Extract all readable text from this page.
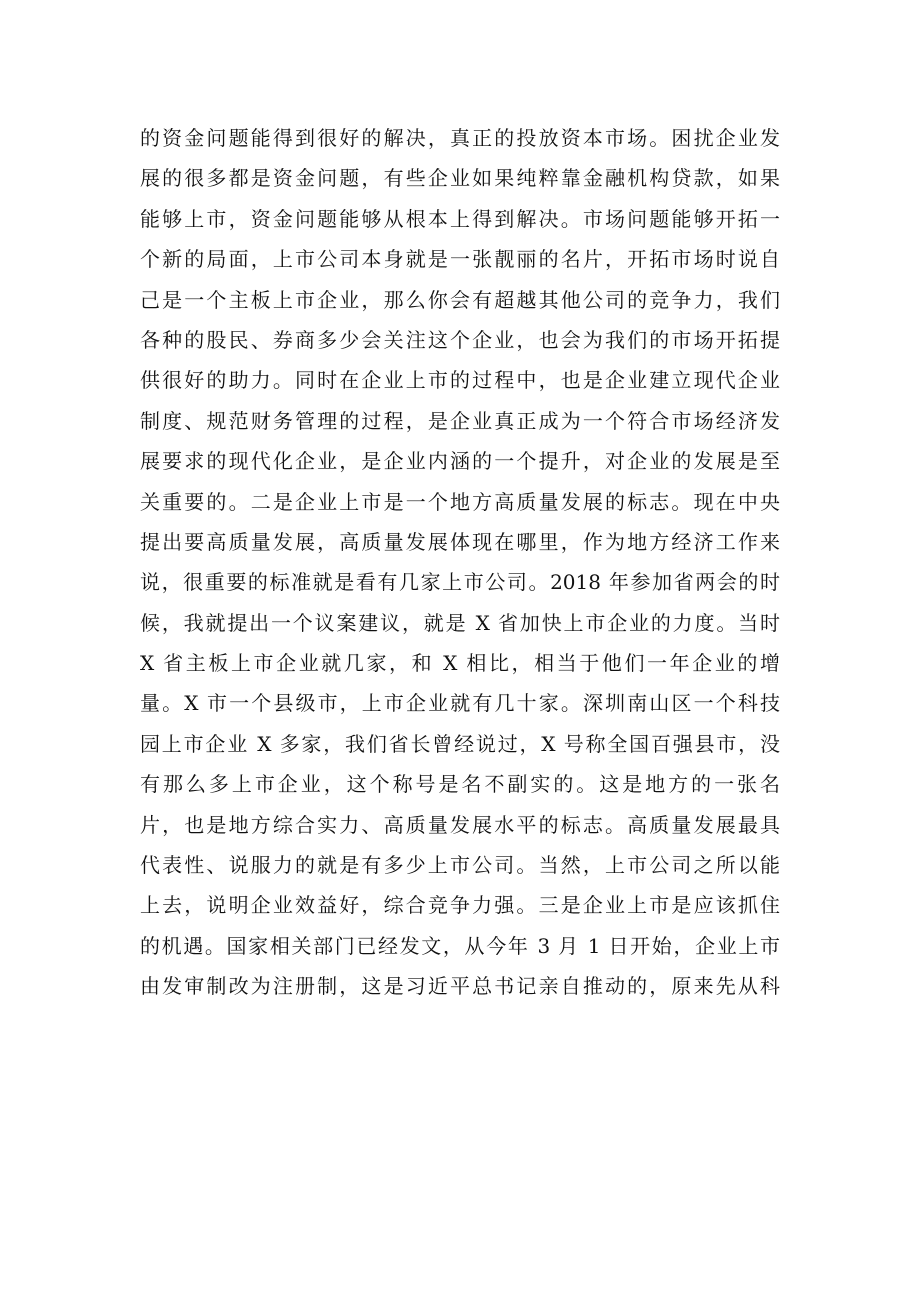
的资金问题能得到很好的解决，真正的投放资本市场。困扰企业发
展的很多都是资金问题，有些企业如果纯粹靠金融机构贷款，如果
能够上市，资金问题能够从根本上得到解决。市场问题能够开拓一
个新的局面，上市公司本身就是一张靓丽的名片，开拓市场时说自
己是一个主板上市企业，那么你会有超越其他公司的竞争力，我们
各种的股民、券商多少会关注这个企业，也会为我们的市场开拓提
供很好的助力。同时在企业上市的过程中，也是企业建立现代企业
制度、规范财务管理的过程，是企业真正成为一个符合市场经济发
展要求的现代化企业，是企业内涵的一个提升，对企业的发展是至
关重要的。二是企业上市是一个地方高质量发展的标志。现在中央
提出要高质量发展，高质量发展体现在哪里，作为地方经济工作来
说，很重要的标准就是看有几家上市公司。2018 年参加省两会的时
候，我就提出一个议案建议，就是 X 省加快上市企业的力度。当时
X 省主板上市企业就几家，和 X 相比，相当于他们一年企业的增
量。X 市一个县级市，上市企业就有几十家。深圳南山区一个科技
园上市企业 X 多家，我们省长曾经说过，X 号称全国百强县市，没
有那么多上市企业，这个称号是名不副实的。这是地方的一张名
片，也是地方综合实力、高质量发展水平的标志。高质量发展最具
代表性、说服力的就是有多少上市公司。当然，上市公司之所以能
上去，说明企业效益好，综合竞争力强。三是企业上市是应该抓住
的机遇。国家相关部门已经发文，从今年 3 月 1 日开始，企业上市
由发审制改为注册制，这是习近平总书记亲自推动的，原来先从科
